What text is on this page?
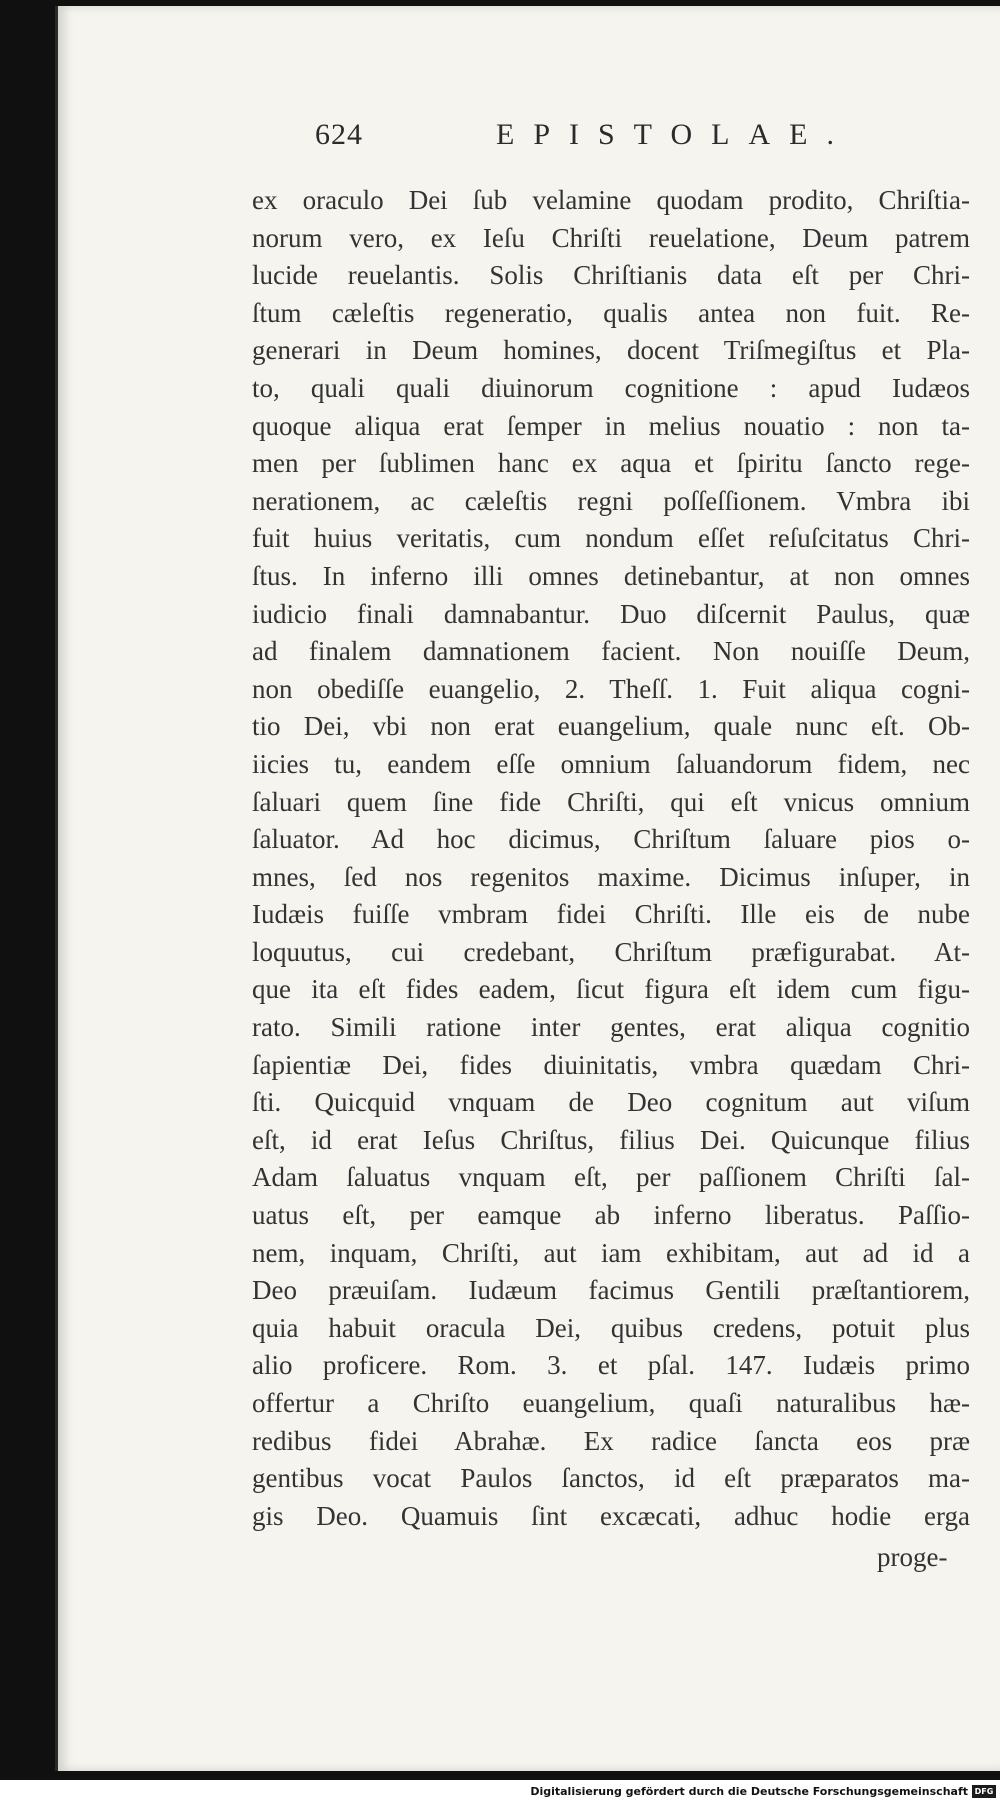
624	EPISTOLAE.
ex oraculo Dei ſub velamine quodam prodito, Chriſtia-
norum vero, ex Ieſu Chriſti reuelatione, Deum patrem
lucide reuelantis. Solis Chriſtianis data eſt per Chri-
ſtum cæleſtis regeneratio, qualis antea non fuit. Re-
generari in Deum homines, docent Triſmegiſtus et Pla-
to, quali quali diuinorum cognitione : apud Iudæos
quoque aliqua erat ſemper in melius nouatio : non ta-
men per ſublimen hanc ex aqua et ſpiritu ſancto rege-
nerationem, ac cæleſtis regni poſſeſſionem. Vmbra ibi
fuit huius veritatis, cum nondum eſſet reſuſcitatus Chri-
ſtus. In inferno illi omnes detinebantur, at non omnes
iudicio finali damnabantur. Duo diſcernit Paulus, quæ
ad finalem damnationem facient. Non nouiſſe Deum,
non obediſſe euangelio, 2. Theſſ. 1. Fuit aliqua cogni-
tio Dei, vbi non erat euangelium, quale nunc eſt. Ob-
iicies tu, eandem eſſe omnium ſaluandorum fidem, nec
ſaluari quem ſine fide Chriſti, qui eſt vnicus omnium
ſaluator. Ad hoc dicimus, Chriſtum ſaluare pios o-
mnes, ſed nos regenitos maxime. Dicimus inſuper, in
Iudæis fuiſſe vmbram fidei Chriſti. Ille eis de nube
loquutus, cui credebant, Chriſtum præfigurabat. At-
que ita eſt fides eadem, ſicut figura eſt idem cum figu-
rato. Simili ratione inter gentes, erat aliqua cognitio
ſapientiæ Dei, fides diuinitatis, vmbra quædam Chri-
ſti. Quicquid vnquam de Deo cognitum aut viſum
eſt, id erat Ieſus Chriſtus, filius Dei. Quicunque filius
Adam ſaluatus vnquam eſt, per paſſionem Chriſti ſal-
uatus eſt, per eamque ab inferno liberatus. Paſſio-
nem, inquam, Chriſti, aut iam exhibitam, aut ad id a
Deo præuiſam. Iudæum facimus Gentili præſtantiorem,
quia habuit oracula Dei, quibus credens, potuit plus
alio proficere. Rom. 3. et pſal. 147. Iudæis primo
offertur a Chriſto euangelium, quaſi naturalibus hæ-
redibus fidei Abrahæ. Ex radice ſancta eos præ
gentibus vocat Paulos ſanctos, id eſt præparatos ma-
gis Deo. Quamuis ſint excæcati, adhuc hodie erga
proge-
Digitalisierung gefördert durch die Deutsche Forschungsgemeinschaft DFG
